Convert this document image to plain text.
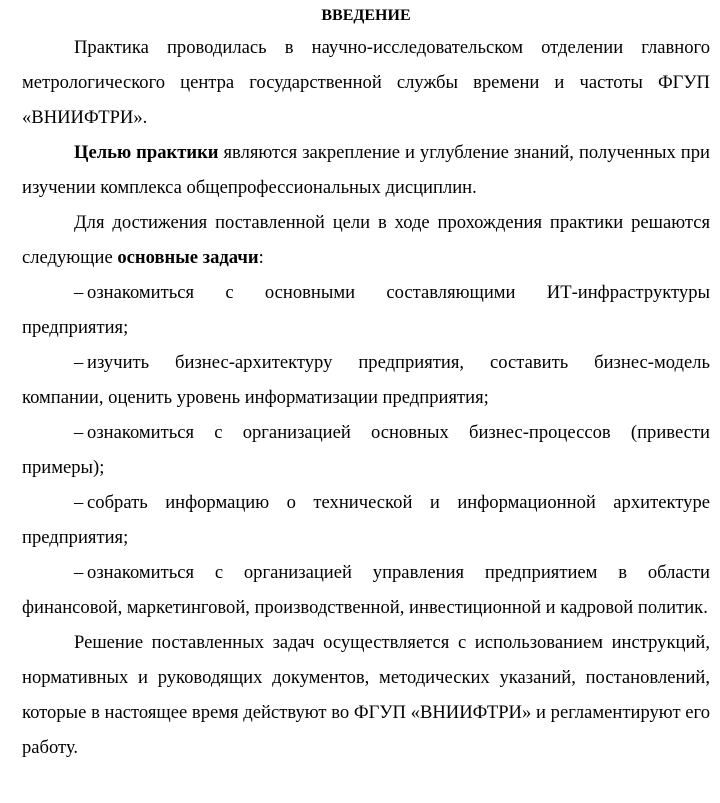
ВВЕДЕНИЕ

Практика проводилась в научно-исследовательском отделении главного метрологического центра государственной службы времени и частоты ФГУП «ВНИИФТРИ».

Целью практики являются закрепление и углубление знаний, полученных при изучении комплекса общепрофессиональных дисциплин.

Для достижения поставленной цели в ходе прохождения практики решаются следующие основные задачи:

– ознакомиться с основными составляющими ИТ-инфраструктуры предприятия;

– изучить бизнес-архитектуру предприятия, составить бизнес-модель компании, оценить уровень информатизации предприятия;

– ознакомиться с организацией основных бизнес-процессов (привести примеры);

– собрать информацию о технической и информационной архитектуре предприятия;

– ознакомиться с организацией управления предприятием в области финансовой, маркетинговой, производственной, инвестиционной и кадровой политик.

Решение поставленных задач осуществляется с использованием инструкций, нормативных и руководящих документов, методических указаний, постановлений, которые в настоящее время действуют во ФГУП «ВНИИФТРИ» и регламентируют его работу.
